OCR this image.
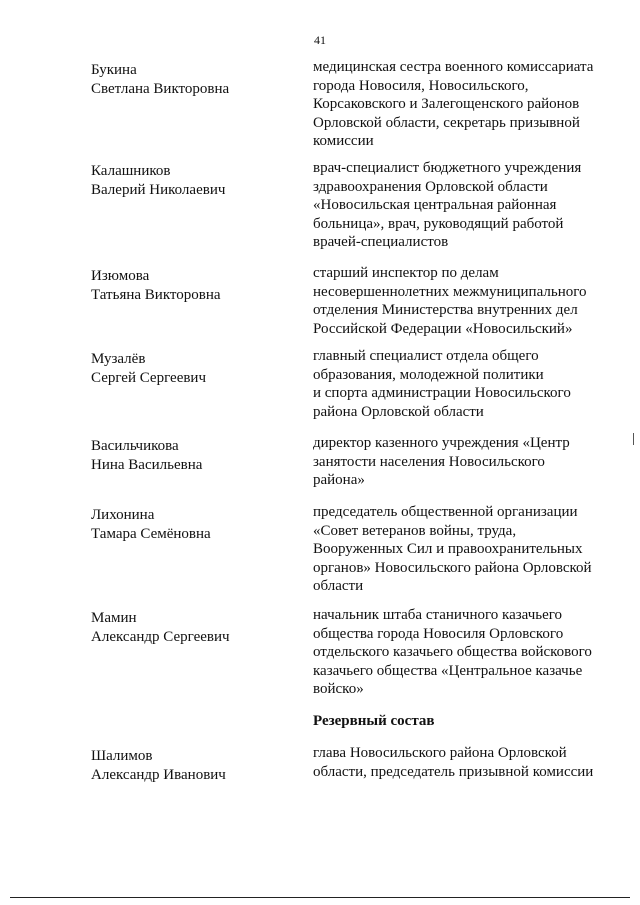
41
Букина
Светлана Викторовна
медицинская сестра военного комиссариата
города Новосиля, Новосильского,
Корсаковского и Залегощенского районов
Орловской области, секретарь призывной
комиссии
Калашников
Валерий Николаевич
врач-специалист бюджетного учреждения
здравоохранения Орловской области
«Новосильская центральная районная
больница», врач, руководящий работой
врачей-специалистов
Изюмова
Татьяна Викторовна
старший инспектор по делам
несовершеннолетних межмуниципального
отделения Министерства внутренних дел
Российской Федерации «Новосильский»
Музалёв
Сергей Сергеевич
главный специалист отдела общего
образования, молодежной политики
и спорта администрации Новосильского
района Орловской области
Васильчикова
Нина Васильевна
директор казенного учреждения «Центр
занятости населения Новосильского
района»
Лихонина
Тамара Семёновна
председатель общественной организации
«Совет ветеранов войны, труда,
Вооруженных Сил и правоохранительных
органов» Новосильского района Орловской
области
Мамин
Александр Сергеевич
начальник штаба станичного казачьего
общества города Новосиля Орловского
отдельского казачьего общества войскового
казачьего общества «Центральное казачье
войско»
Резервный состав
Шалимов
Александр Иванович
глава Новосильского района Орловской
области, председатель призывной комиссии
